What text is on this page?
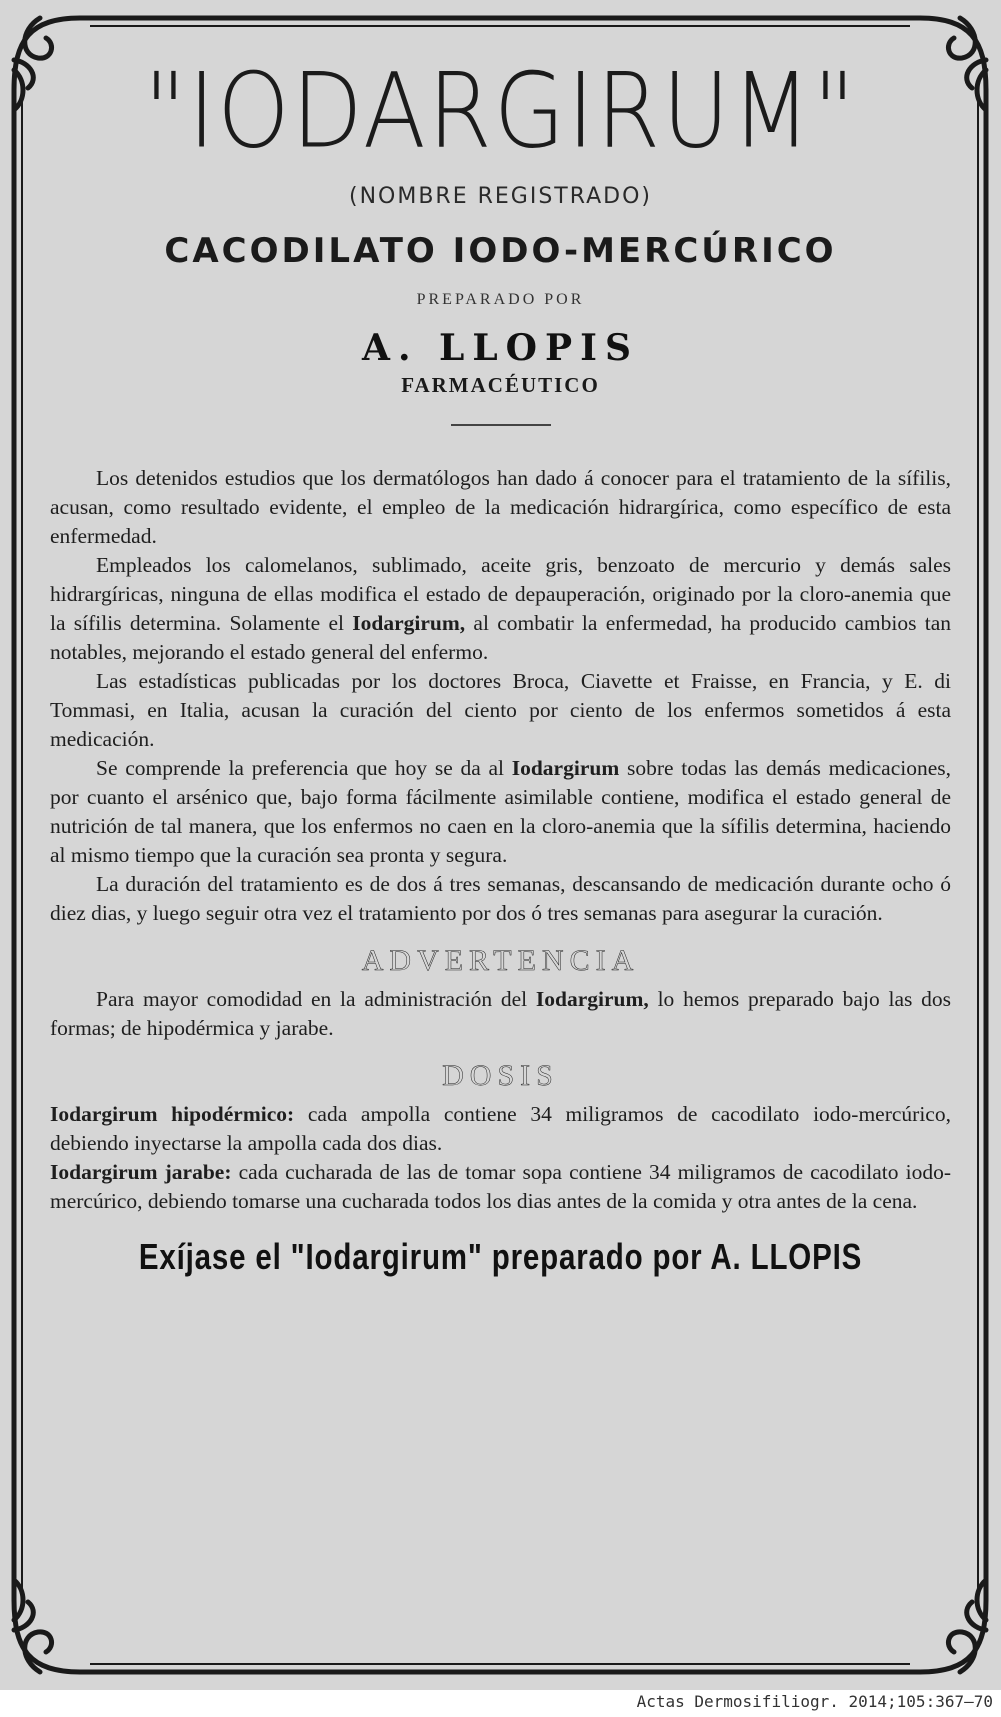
"IODARGIRUM"
(NOMBRE REGISTRADO)
CACODILATO IODO-MERCÚRICO
PREPARADO POR
A. LLOPIS
FARMACÉUTICO

Los detenidos estudios que los dermatólogos han dado á conocer para el tratamiento de la sífilis, acusan, como resultado evidente, el empleo de la medicación hidrargírica, como específico de esta enfermedad.

Empleados los calomelanos, sublimado, aceite gris, benzoato de mercurio y demás sales hidrargíricas, ninguna de ellas modifica el estado de depauperación, originado por la cloro-anemia que la sífilis determina. Solamente el Iodargirum, al combatir la enfermedad, ha producido cambios tan notables, mejorando el estado general del enfermo.

Las estadísticas publicadas por los doctores Broca, Ciavette et Fraisse, en Francia, y E. di Tommasi, en Italia, acusan la curación del ciento por ciento de los enfermos sometidos á esta medicación.

Se comprende la preferencia que hoy se da al Iodargirum sobre todas las demás medicaciones, por cuanto el arsénico que, bajo forma fácilmente asimilable contiene, modifica el estado general de nutrición de tal manera, que los enfermos no caen en la cloro-anemia que la sífilis determina, haciendo al mismo tiempo que la curación sea pronta y segura.

La duración del tratamiento es de dos á tres semanas, descansando de medicación durante ocho ó diez dias, y luego seguir otra vez el tratamiento por dos ó tres semanas para asegurar la curación.

ADVERTENCIA

Para mayor comodidad en la administración del Iodargirum, lo hemos preparado bajo las dos formas; de hipodérmica y jarabe.

DOSIS

Iodargirum hipodérmico: cada ampolla contiene 34 miligramos de cacodilato iodo-mercúrico, debiendo inyectarse la ampolla cada dos dias.

Iodargirum jarabe: cada cucharada de las de tomar sopa contiene 34 miligramos de cacodilato iodo-mercúrico, debiendo tomarse una cucharada todos los dias antes de la comida y otra antes de la cena.

Exíjase el "Iodargirum" preparado por A. LLOPIS
Actas Dermosifiliogr. 2014;105:367–70
